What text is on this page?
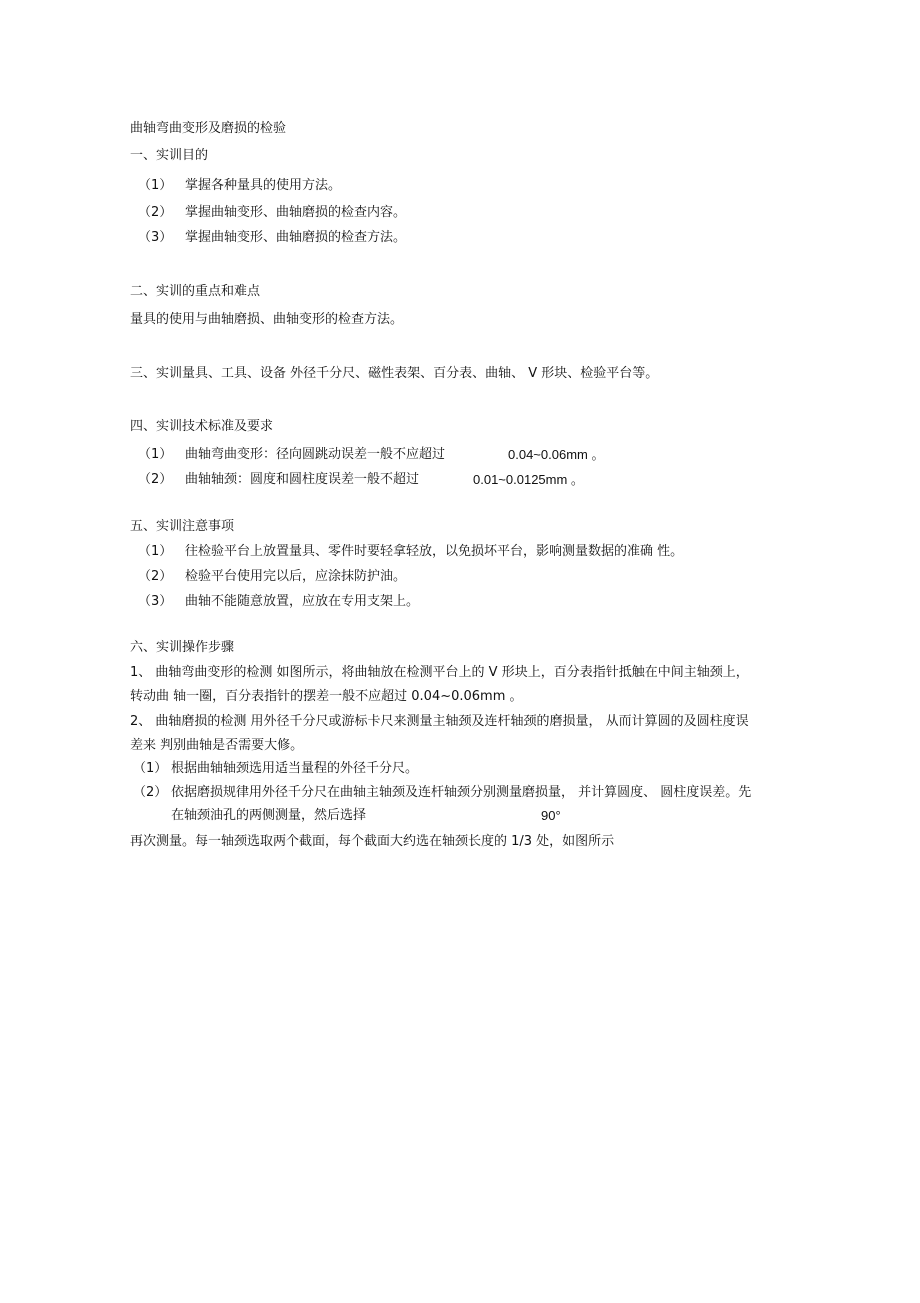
曲轴弯曲变形及磨损的检验
一、实训目的
（1） 掌握各种量具的使用方法。
（2） 掌握曲轴变形、曲轴磨损的检查内容。
（3） 掌握曲轴变形、曲轴磨损的检查方法。
二、实训的重点和难点
量具的使用与曲轴磨损、曲轴变形的检查方法。
三、实训量具、工具、设备 外径千分尺、磁性表架、百分表、曲轴、 V 形块、检验平台等。
四、实训技术标准及要求
（1） 曲轴弯曲变形：径向圆跳动误差一般不应超过	0.04~0.06mm 。
（2） 曲轴轴颈：圆度和圆柱度误差一般不超过	0.01~0.0125mm 。
五、实训注意事项
（1） 往检验平台上放置量具、零件时要轻拿轻放，以免损坏平台，影响测量数据的准确 性。
（2） 检验平台使用完以后，应涂抹防护油。
（3） 曲轴不能随意放置，应放在专用支架上。
六、实训操作步骤
1、 曲轴弯曲变形的检测 如图所示，将曲轴放在检测平台上的 V 形块上，百分表指针抵触在中间主轴颈上，
转动曲 轴一圈，百分表指针的摆差一般不应超过 0.04~0.06mm 。
2、 曲轴磨损的检测 用外径千分尺或游标卡尺来测量主轴颈及连杆轴颈的磨损量， 从而计算圆的及圆柱度误
差来 判别曲轴是否需要大修。
（1） 根据曲轴轴颈选用适当量程的外径千分尺。
（2） 依据磨损规律用外径千分尺在曲轴主轴颈及连杆轴颈分别测量磨损量， 并计算圆度、 圆柱度误差。先
在轴颈油孔的两侧测量，然后选择	90°
再次测量。每一轴颈选取两个截面，每个截面大约选在轴颈长度的 1/3 处，如图所示
